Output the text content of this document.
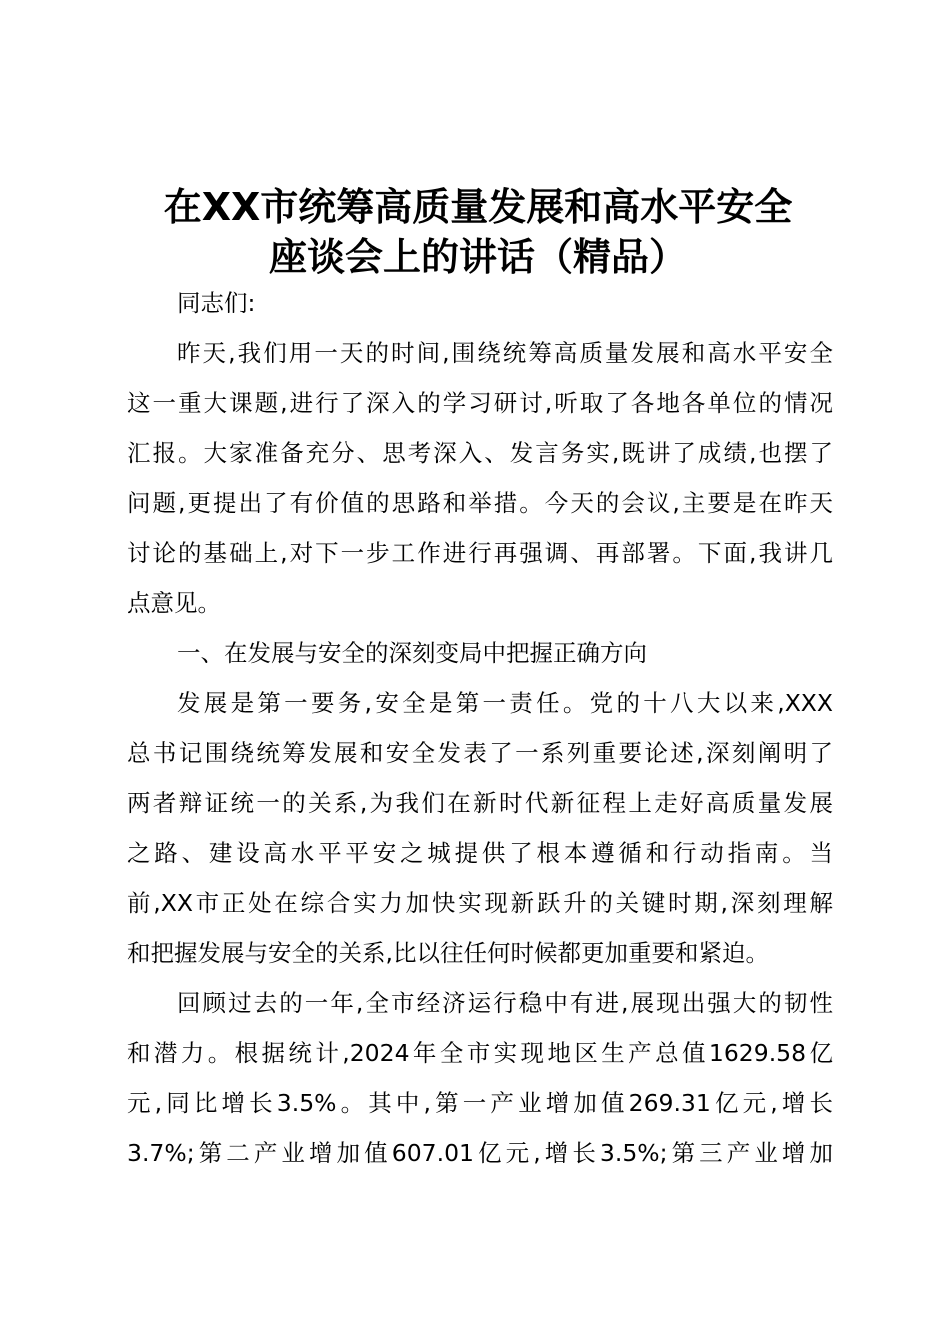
在XX市统筹高质量发展和高水平安全
座谈会上的讲话（精品）
同志们:
昨天,我们用一天的时间,围绕统筹高质量发展和高水平安全
这一重大课题,进行了深入的学习研讨,听取了各地各单位的情况
汇报。大家准备充分、思考深入、发言务实,既讲了成绩,也摆了
问题,更提出了有价值的思路和举措。今天的会议,主要是在昨天
讨论的基础上,对下一步工作进行再强调、再部署。下面,我讲几
点意见。
一、在发展与安全的深刻变局中把握正确方向
发展是第一要务,安全是第一责任。党的十八大以来,XXX
总书记围绕统筹发展和安全发表了一系列重要论述,深刻阐明了
两者辩证统一的关系,为我们在新时代新征程上走好高质量发展
之路、建设高水平平安之城提供了根本遵循和行动指南。当
前,XX市正处在综合实力加快实现新跃升的关键时期,深刻理解
和把握发展与安全的关系,比以往任何时候都更加重要和紧迫。
回顾过去的一年,全市经济运行稳中有进,展现出强大的韧性
和潜力。根据统计,2024年全市实现地区生产总值1629.58亿
元,同比增长3.5%。其中,第一产业增加值269.31亿元,增长
3.7%;第二产业增加值607.01亿元,增长3.5%;第三产业增加
